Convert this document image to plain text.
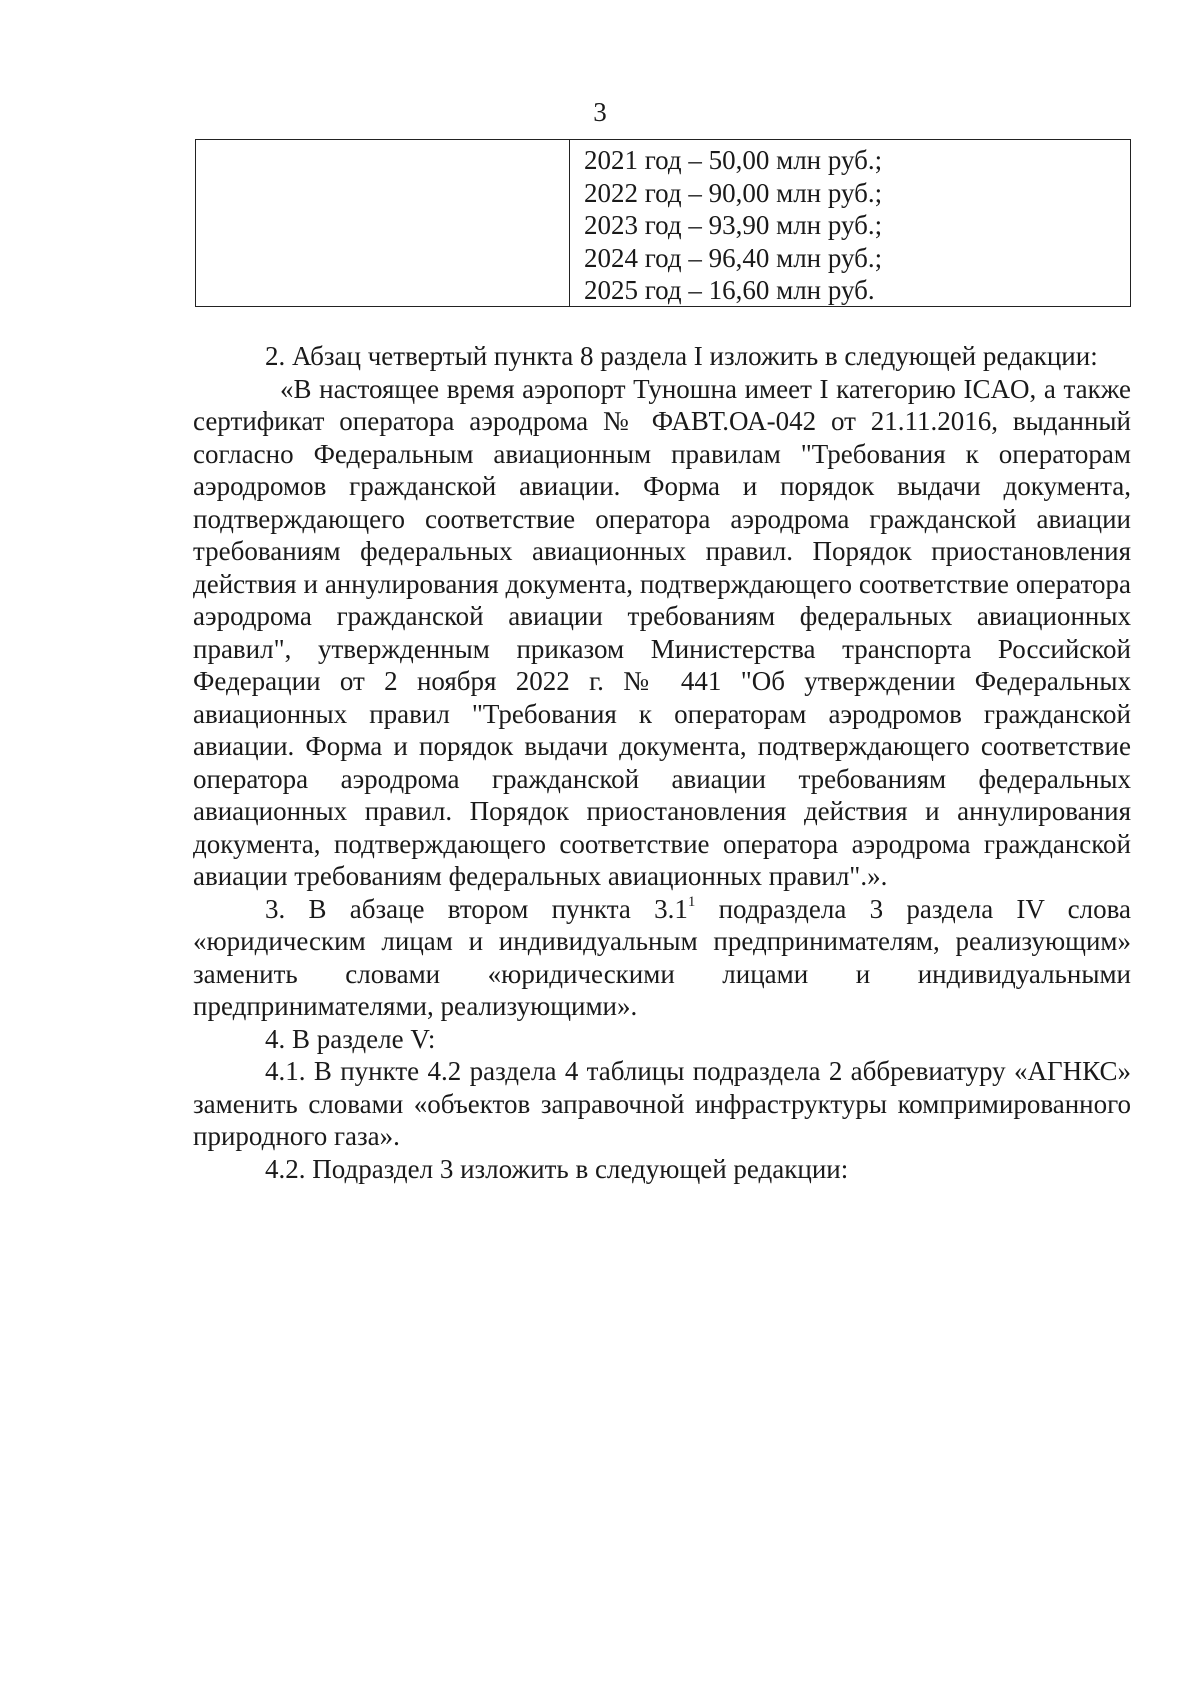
3
2021 год – 50,00 млн руб.;
2022 год – 90,00 млн руб.;
2023 год – 93,90 млн руб.;
2024 год – 96,40 млн руб.;
2025 год – 16,60 млн руб.

2. Абзац четвертый пункта 8 раздела I изложить в следующей редакции:

«В настоящее время аэропорт Туношна имеет I категорию ICAO, а также сертификат оператора аэродрома № ФАВТ.ОА-042 от 21.11.2016, выданный согласно Федеральным авиационным правилам "Требования к операторам аэродромов гражданской авиации. Форма и порядок выдачи документа, подтверждающего соответствие оператора аэродрома гражданской авиации требованиям федеральных авиационных правил. Порядок приостановления действия и аннулирования документа, подтверждающего соответствие оператора аэродрома гражданской авиации требованиям федеральных авиационных правил", утвержденным приказом Министерства транспорта Российской Федерации от 2 ноября 2022 г. № 441 "Об утверждении Федеральных авиационных правил "Требования к операторам аэродромов гражданской авиации. Форма и порядок выдачи документа, подтверждающего соответствие оператора аэродрома гражданской авиации требованиям федеральных авиационных правил. Порядок приостановления действия и аннулирования документа, подтверждающего соответствие оператора аэродрома гражданской авиации требованиям федеральных авиационных правил".».

3. В абзаце втором пункта $3.1^1$ подраздела 3 раздела IV слова «юридическим лицам и индивидуальным предпринимателям, реализующим» заменить словами «юридическими лицами и индивидуальными предпринимателями, реализующими».

4. В разделе V:

4.1. В пункте 4.2 раздела 4 таблицы подраздела 2 аббревиатуру «АГНКС» заменить словами «объектов заправочной инфраструктуры компримированного природного газа».

4.2. Подраздел 3 изложить в следующей редакции:
